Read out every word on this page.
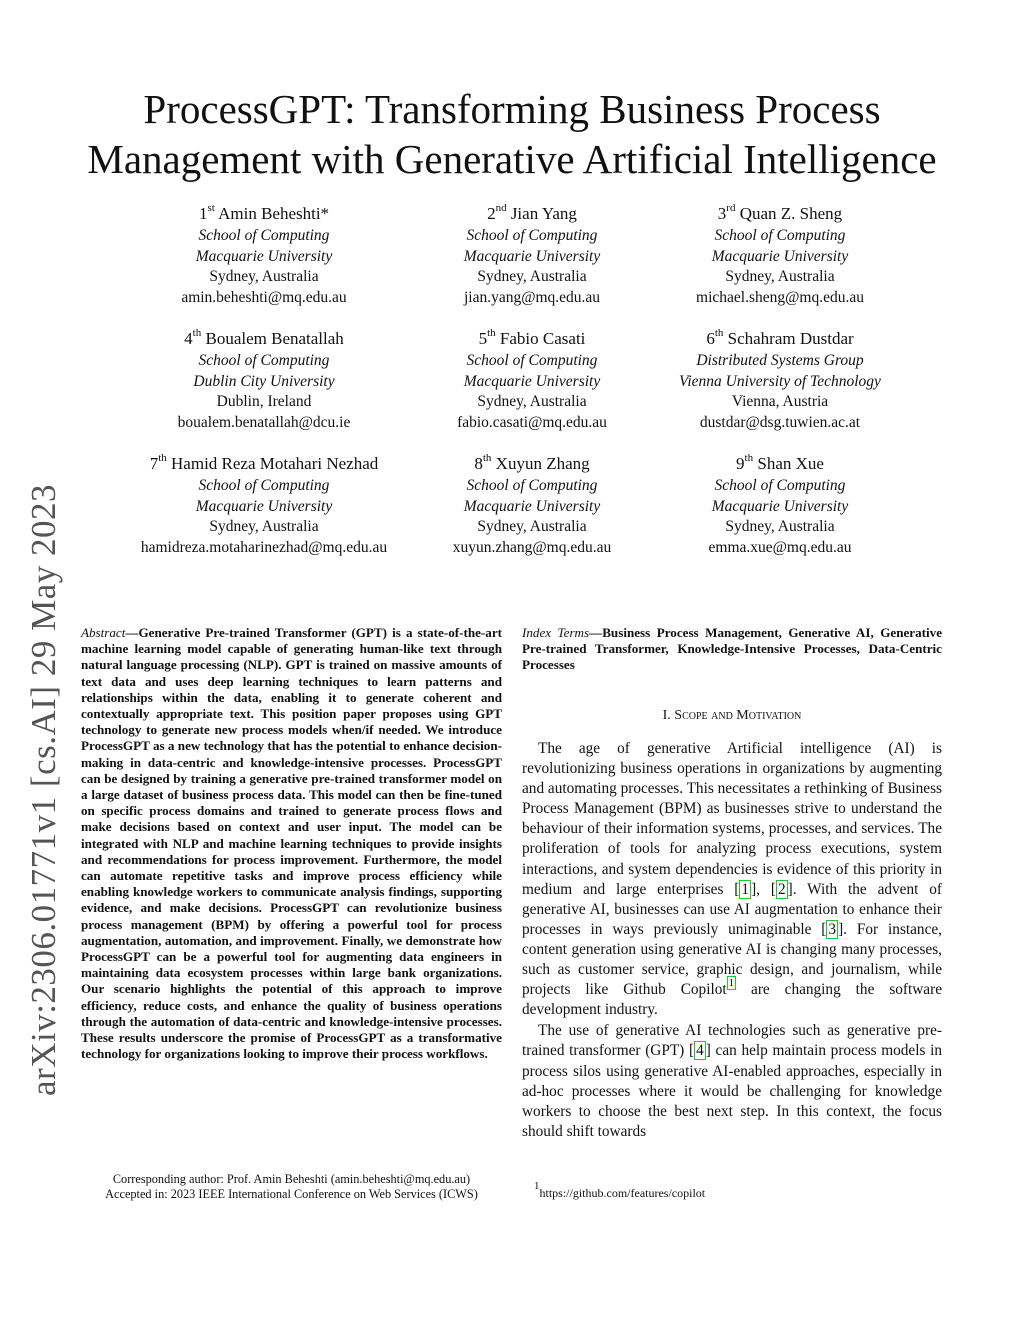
ProcessGPT: Transforming Business Process
Management with Generative Artificial Intelligence
arXiv:2306.01771v1 [cs.AI] 29 May 2023
1st Amin Beheshti*
School of Computing
Macquarie University
Sydney, Australia
amin.beheshti@mq.edu.au
2nd Jian Yang
School of Computing
Macquarie University
Sydney, Australia
jian.yang@mq.edu.au
3rd Quan Z. Sheng
School of Computing
Macquarie University
Sydney, Australia
michael.sheng@mq.edu.au
4th Boualem Benatallah
School of Computing
Dublin City University
Dublin, Ireland
boualem.benatallah@dcu.ie
5th Fabio Casati
School of Computing
Macquarie University
Sydney, Australia
fabio.casati@mq.edu.au
6th Schahram Dustdar
Distributed Systems Group
Vienna University of Technology
Vienna, Austria
dustdar@dsg.tuwien.ac.at
7th Hamid Reza Motahari Nezhad
School of Computing
Macquarie University
Sydney, Australia
hamidreza.motaharinezhad@mq.edu.au
8th Xuyun Zhang
School of Computing
Macquarie University
Sydney, Australia
xuyun.zhang@mq.edu.au
9th Shan Xue
School of Computing
Macquarie University
Sydney, Australia
emma.xue@mq.edu.au
Abstract—Generative Pre-trained Transformer (GPT) is a state-of-the-art machine learning model capable of generating human-like text through natural language processing (NLP). GPT is trained on massive amounts of text data and uses deep learning techniques to learn patterns and relationships within the data, enabling it to generate coherent and contextually appropriate text. This position paper proposes using GPT technology to generate new process models when/if needed. We introduce ProcessGPT as a new technology that has the potential to enhance decision-making in data-centric and knowledge-intensive processes. ProcessGPT can be designed by training a generative pre-trained transformer model on a large dataset of business process data. This model can then be fine-tuned on specific process domains and trained to generate process flows and make decisions based on context and user input. The model can be integrated with NLP and machine learning techniques to provide insights and recommendations for process improvement. Furthermore, the model can automate repetitive tasks and improve process efficiency while enabling knowledge workers to communicate analysis findings, supporting evidence, and make decisions. ProcessGPT can revolutionize business process management (BPM) by offering a powerful tool for process augmentation, automation, and improvement. Finally, we demonstrate how ProcessGPT can be a powerful tool for augmenting data engineers in maintaining data ecosystem processes within large bank organizations. Our scenario highlights the potential of this approach to improve efficiency, reduce costs, and enhance the quality of business operations through the automation of data-centric and knowledge-intensive processes. These results underscore the promise of ProcessGPT as a transformative technology for organizations looking to improve their process workflows.
Index Terms—Business Process Management, Generative AI, Generative Pre-trained Transformer, Knowledge-Intensive Processes, Data-Centric Processes
I. Scope and Motivation

The age of generative Artificial intelligence (AI) is revolutionizing business operations in organizations by augmenting and automating processes. This necessitates a rethinking of Business Process Management (BPM) as businesses strive to understand the behaviour of their information systems, processes, and services. The proliferation of tools for analyzing process executions, system interactions, and system dependencies is evidence of this priority in medium and large enterprises [ 1 ], [ 2 ]. With the advent of generative AI, businesses can use AI augmentation to enhance their processes in ways previously unimaginable [ 3 ]. For instance, content generation using generative AI is changing many processes, such as customer service, graphic design, and journalism, while projects like Github Copilot $^1$ are changing the software development industry.

The use of generative AI technologies such as generative pre-trained transformer (GPT) [ 4 ] can help maintain process models in process silos using generative AI-enabled approaches, especially in ad-hoc processes where it would be challenging for knowledge workers to choose the best next step. In this context, the focus should shift towards

Corresponding author: Prof. Amin Beheshti (amin.beheshti@mq.edu.au)
Accepted in: 2023 IEEE International Conference on Web Services (ICWS)
$^1$https://github.com/features/copilot
